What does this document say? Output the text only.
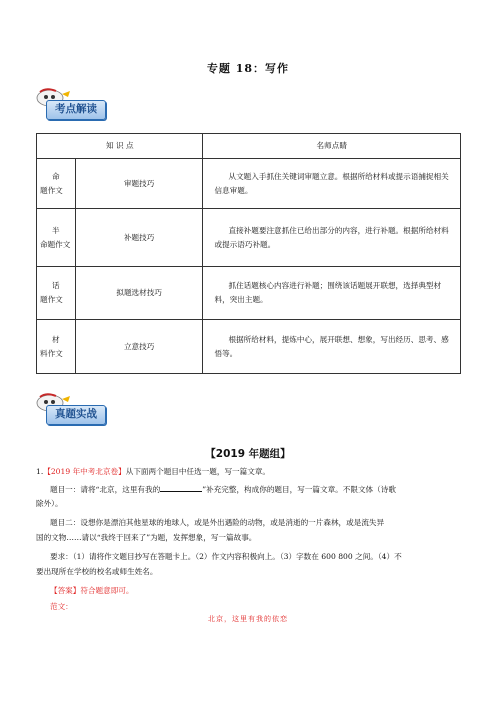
专题 18：写作
考点解读
知 识 点		名师点睛

命
题作文	审题技巧	从文题入手抓住关键词审题立意。根据所给材料或提示语捕捉相关信息审题。

半
命题作文	补题技巧	直接补题要注意抓住已给出部分的内容，进行补题。根据所给材料或提示语巧补题。

话
题作文	拟题选材技巧	抓住话题核心内容进行补题；围绕该话题展开联想，选择典型材料，突出主题。

材
料作文	立意技巧	根据所给材料，提炼中心，展开联想、想象，写出经历、思考、感悟等。
真题实战
【2019 年题组】
1.【2019 年中考北京卷】从下面两个题目中任选一题，写一篇文章。
题目一：请将“北京，这里有我的	”补充完整，构成你的题目，写一篇文章。不限文体（诗歌
除外）。
题目二：设想你是漂泊其他星球的地球人，或是外出遇险的动物，或是消逝的一片森林，或是流失异
国的文物……请以“我终于回来了”为题，发挥想象，写一篇故事。
要求：（1）请将作文题目抄写在答题卡上。（2）作文内容积极向上。（3）字数在 600 800 之间。（4）不
要出现所在学校的校名或师生姓名。
【答案】符合题意即可。
范文：
北京，这里有我的依恋
